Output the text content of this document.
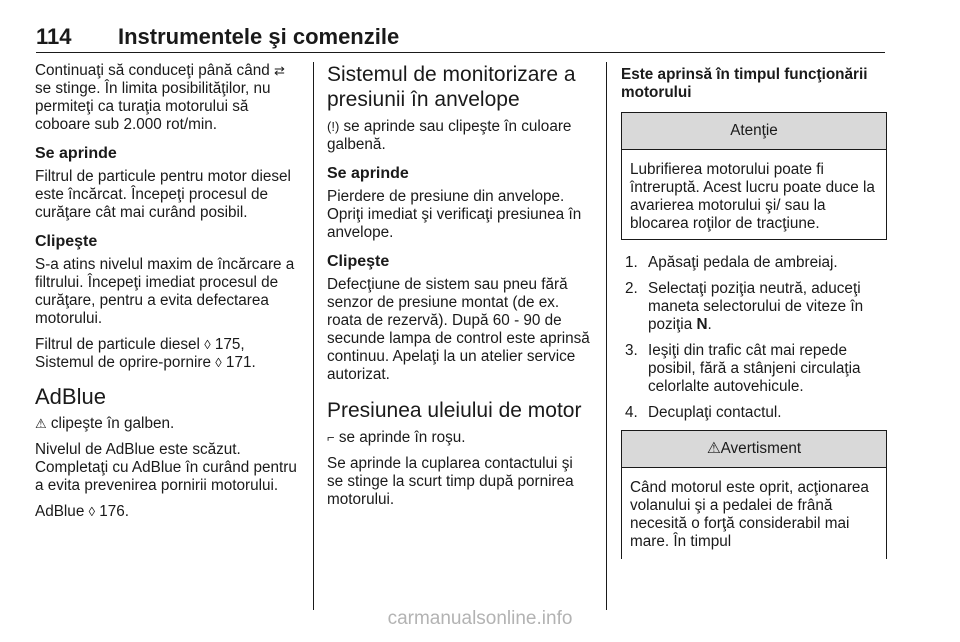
114 Instrumentele şi comenzile

Continuaţi să conduceţi până când ⇄ se stinge. În limita posibilităţilor, nu permiteţi ca turaţia motorului să coboare sub 2.000 rot/min.

Se aprinde

Filtrul de particule pentru motor diesel este încărcat. Începeţi procesul de curăţare cât mai curând posibil.

Clipeşte

S-a atins nivelul maxim de încărcare a filtrului. Începeţi imediat procesul de curăţare, pentru a evita defectarea motorului.

Filtrul de particule diesel ◊ 175,
Sistemul de oprire-pornire ◊ 171.

AdBlue

⚠ clipeşte în galben.

Nivelul de AdBlue este scăzut. Completaţi cu AdBlue în curând pentru a evita prevenirea pornirii motorului.

AdBlue ◊ 176.

Sistemul de monitorizare a presiunii în anvelope

(!) se aprinde sau clipeşte în culoare galbenă.

Se aprinde

Pierdere de presiune din anvelope. Opriţi imediat şi verificaţi presiunea în anvelope.

Clipeşte

Defecţiune de sistem sau pneu fără senzor de presiune montat (de ex. roata de rezervă). După 60 - 90 de secunde lampa de control este aprinsă continuu. Apelaţi la un atelier service autorizat.

Presiunea uleiului de motor

⌐ se aprinde în roşu.

Se aprinde la cuplarea contactului şi se stinge la scurt timp după pornirea motorului.

Este aprinsă în timpul funcţionării motorului
Atenţie
Lubrifierea motorului poate fi întreruptă. Acest lucru poate duce la avarierea motorului şi/ sau la blocarea roţilor de tracţiune.
1. Apăsaţi pedala de ambreiaj.
2. Selectaţi poziţia neutră, aduceţi maneta selectorului de viteze în poziţia N.
3. Ieşiţi din trafic cât mai repede posibil, fără a stânjeni circulaţia celorlalte autovehicule.
4. Decuplaţi contactul.
⚠Avertisment
Când motorul este oprit, acţionarea volanului şi a pedalei de frână necesită o forţă considerabil mai mare. În timpul
carmanualsonline.info
